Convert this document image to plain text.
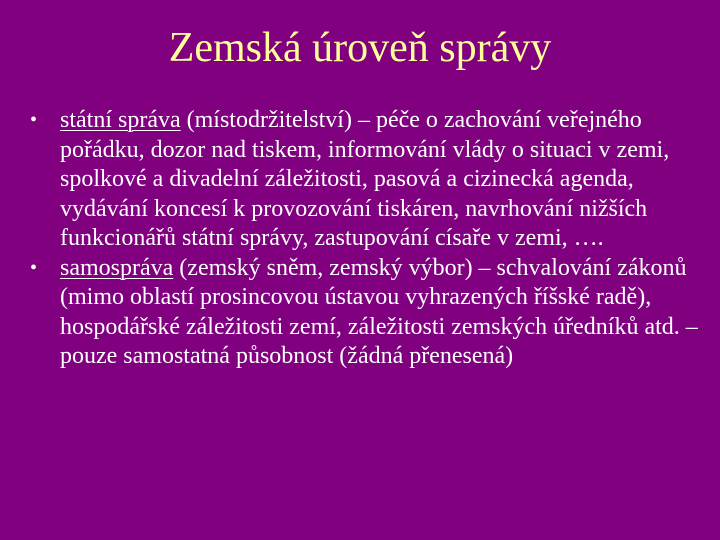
Zemská úroveň správy
• státní správa (místodržitelství) – péče o zachování veřejného pořádku, dozor nad tiskem, informování vlády o situaci v zemi, spolkové a divadelní záležitosti, pasová a cizinecká agenda, vydávání koncesí k provozování tiskáren, navrhování nižších funkcionářů státní správy, zastupování císaře v zemi, ….
• samospráva (zemský sněm, zemský výbor) – schvalování zákonů (mimo oblastí prosincovou ústavou vyhrazených říšské radě), hospodářské záležitosti zemí, záležitosti zemských úředníků atd. – pouze samostatná působnost (žádná přenesená)
